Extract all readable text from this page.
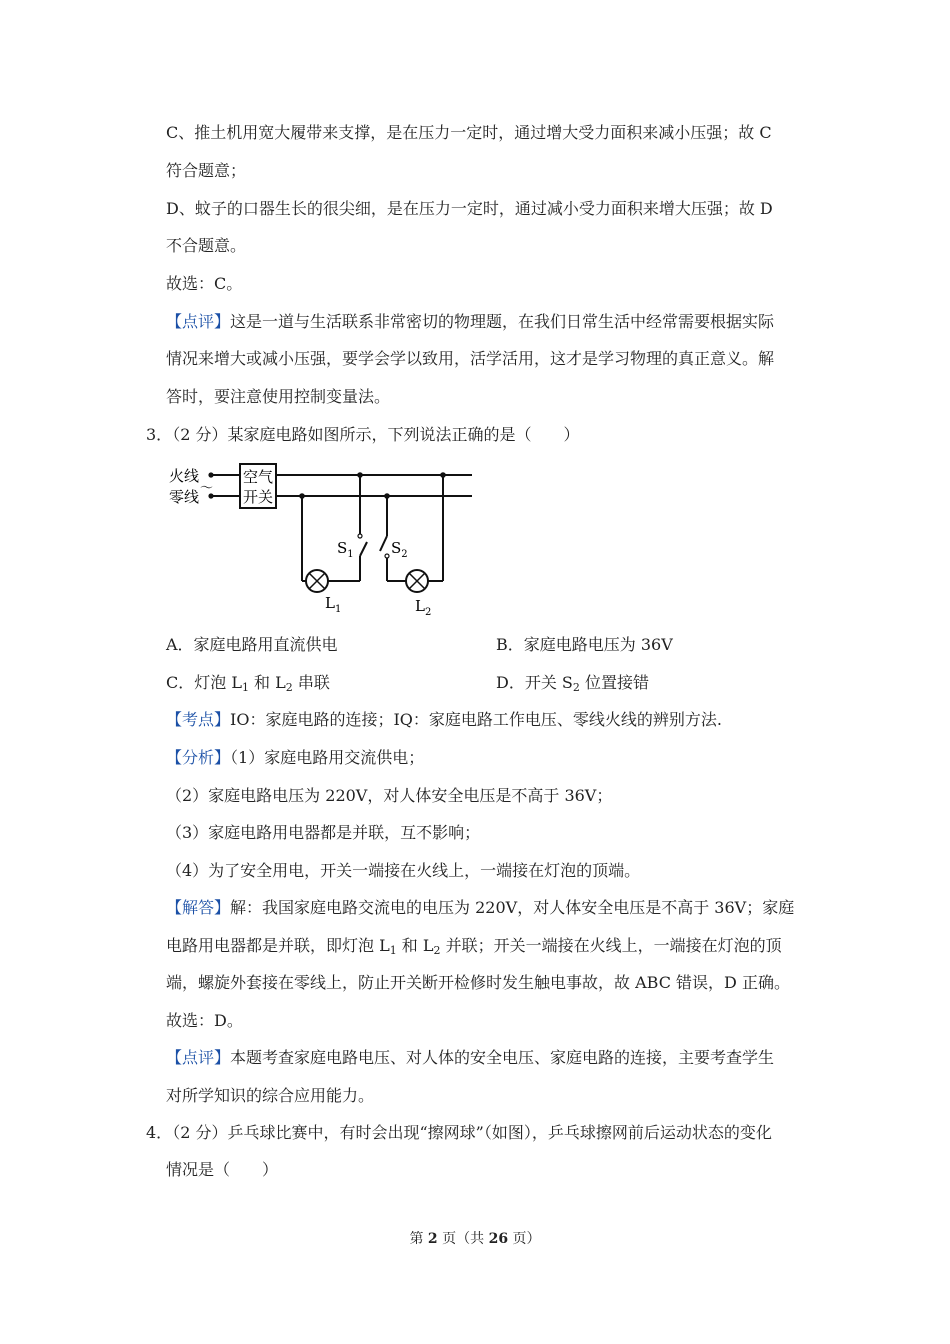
C、推土机用宽大履带来支撑，是在压力一定时，通过增大受力面积来减小压强；故 C
符合题意；
D、蚊子的口器生长的很尖细，是在压力一定时，通过减小受力面积来增大压强；故 D
不合题意。
故选：C。
【点评】这是一道与生活联系非常密切的物理题，在我们日常生活中经常需要根据实际
情况来增大或减小压强，要学会学以致用，活学活用，这才是学习物理的真正意义。解
答时，要注意使用控制变量法。
3．（2 分）某家庭电路如图所示，下列说法正确的是（　　）
火线
零线 ～
空气
开关
$S_1$ $S_2$
$L_1$	$L_2$
A．家庭电路用直流供电	B．家庭电路电压为 36V
C．灯泡 $L_1$ 和 $L_2$ 串联	D．开关 $S_2$ 位置接错
【考点】IO：家庭电路的连接；IQ：家庭电路工作电压、零线火线的辨别方法.
【分析】（1）家庭电路用交流供电；
（2）家庭电路电压为 220V，对人体安全电压是不高于 36V；
（3）家庭电路用电器都是并联，互不影响；
（4）为了安全用电，开关一端接在火线上，一端接在灯泡的顶端。
【解答】解：我国家庭电路交流电的电压为 220V，对人体安全电压是不高于 36V；家庭
电路用电器都是并联，即灯泡 $L_1$ 和 $L_2$ 并联；开关一端接在火线上，一端接在灯泡的顶
端，螺旋外套接在零线上，防止开关断开检修时发生触电事故，故 ABC 错误，D 正确。
故选：D。
【点评】本题考查家庭电路电压、对人体的安全电压、家庭电路的连接，主要考查学生
对所学知识的综合应用能力。
4．（2 分）乒乓球比赛中，有时会出现“擦网球”（如图），乒乓球擦网前后运动状态的变化
情况是（　　）
第 2 页（共 26 页）
